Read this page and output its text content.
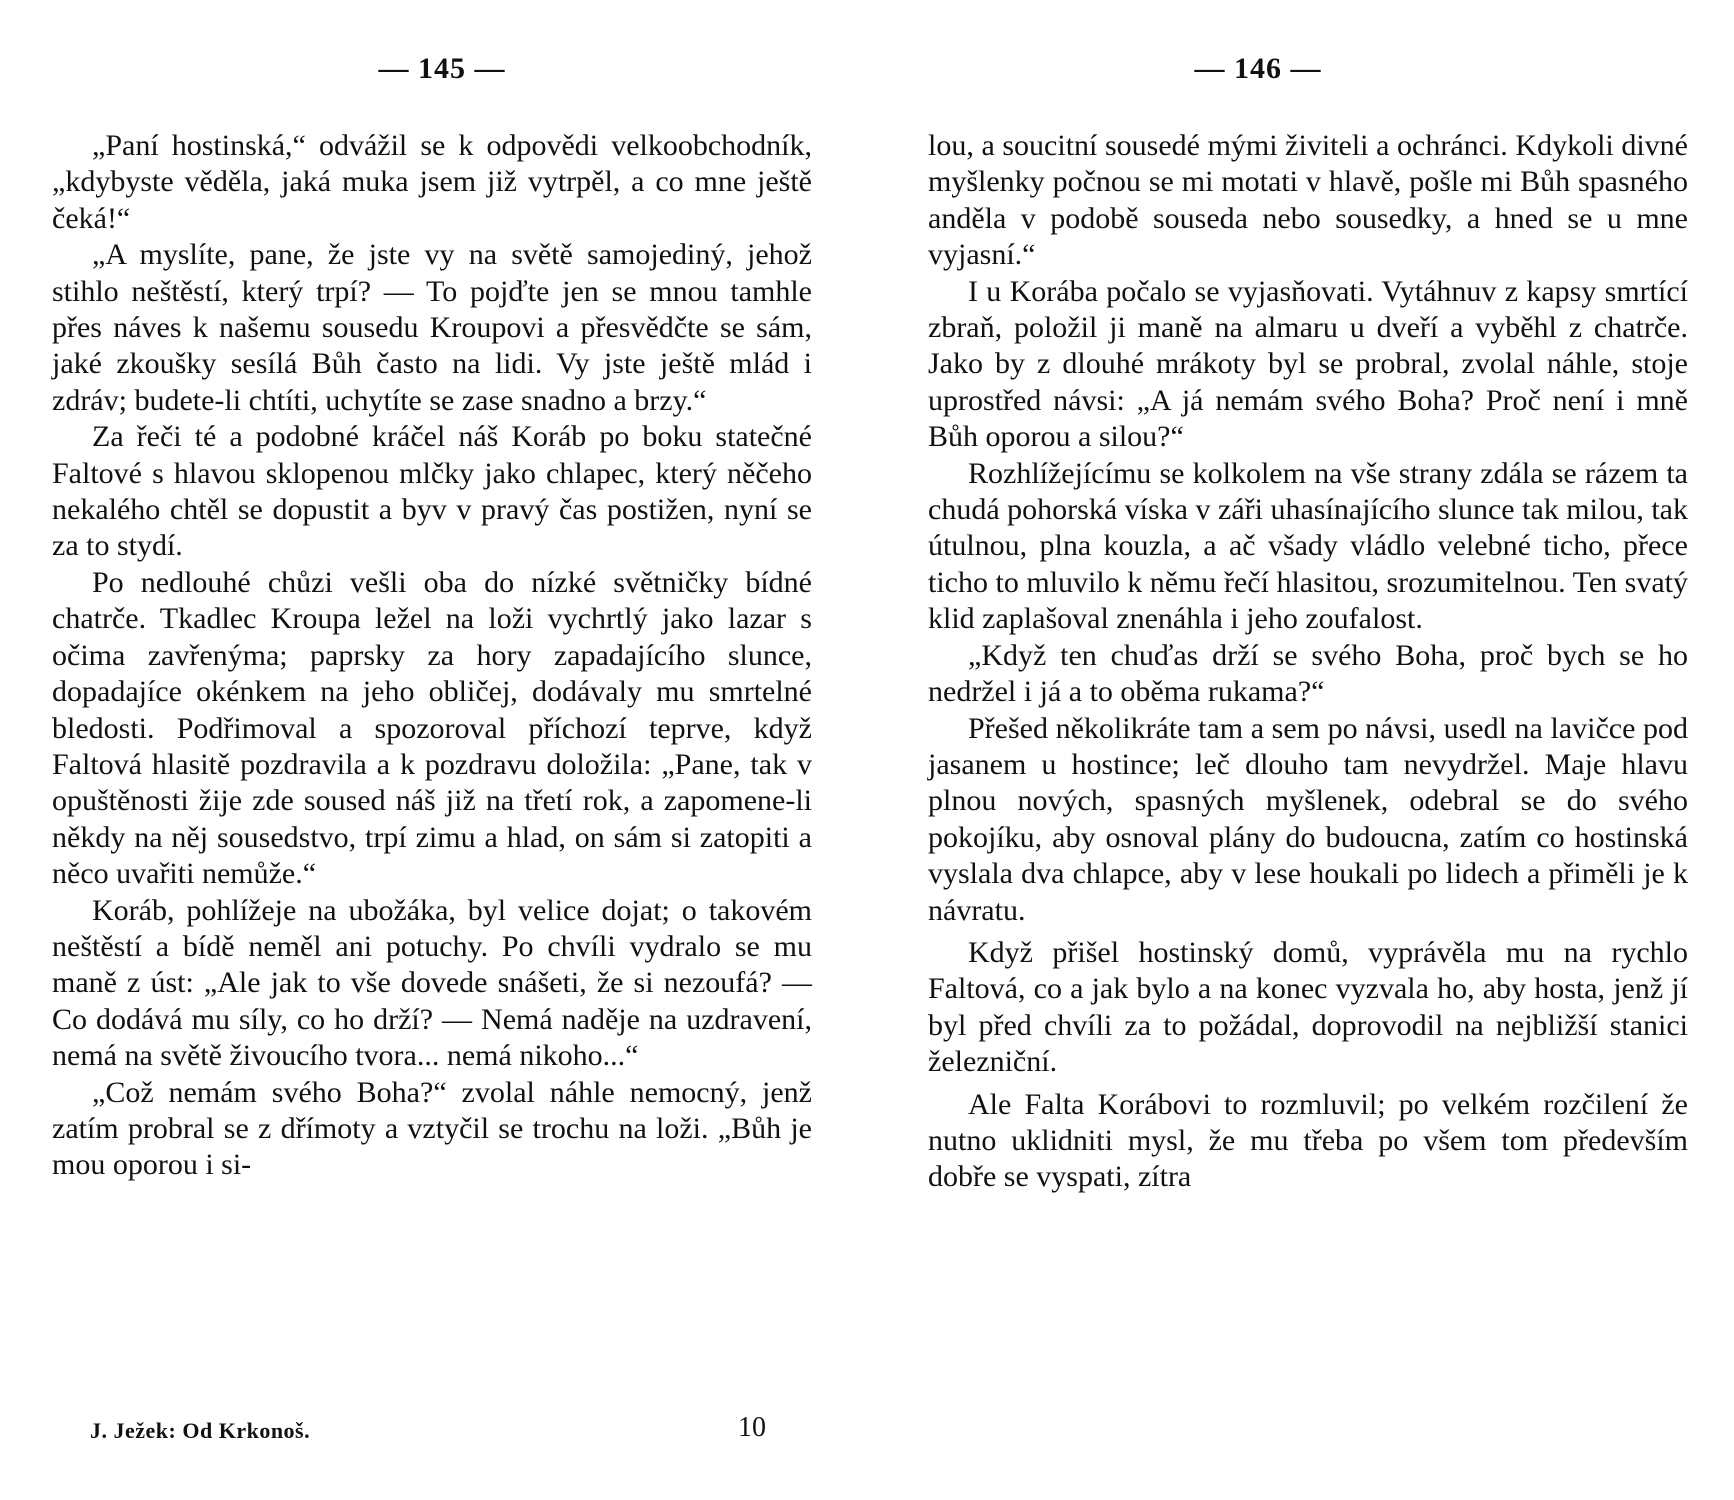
— 145 —

„Paní hostinská,“ odvážil se k odpovědi velkoobchodník, „kdybyste věděla, jaká muka jsem již vytrpěl, a co mne ještě čeká!“

„A myslíte, pane, že jste vy na světě samojediný, jehož stihlo neštěstí, který trpí? — To pojďte jen se mnou tamhle přes náves k našemu sousedu Kroupovi a přesvědčte se sám, jaké zkoušky sesílá Bůh často na lidi. Vy jste ještě mlád i zdráv; budete-li chtíti, uchytíte se zase snadno a brzy.“

Za řeči té a podobné kráčel náš Koráb po boku statečné Faltové s hlavou sklopenou mlčky jako chlapec, který něčeho nekalého chtěl se dopustit a byv v pravý čas postižen, nyní se za to stydí.

Po nedlouhé chůzi vešli oba do nízké světničky bídné chatrče. Tkadlec Kroupa ležel na loži vychrtlý jako lazar s očima zavřenýma; paprsky za hory zapadajícího slunce, dopadajíce okénkem na jeho obličej, dodávaly mu smrtelné bledosti. Podřimoval a spozoroval příchozí teprve, když Faltová hlasitě pozdravila a k pozdravu doložila: „Pane, tak v opuštěnosti žije zde soused náš již na třetí rok, a zapomene-li někdy na něj sousedstvo, trpí zimu a hlad, on sám si zatopiti a něco uvařiti nemůže.“

Koráb, pohlížeje na ubožáka, byl velice dojat; o takovém neštěstí a bídě neměl ani potuchy. Po chvíli vydralo se mu maně z úst: „Ale jak to vše dovede snášeti, že si nezoufá? — Co dodává mu síly, co ho drží? — Nemá naděje na uzdravení, nemá na světě živoucího tvora... nemá nikoho...“

„Což nemám svého Boha?“ zvolal náhle nemocný, jenž zatím probral se z dřímoty a vztyčil se trochu na loži. „Bůh je mou oporou i si-

J. Ježek: Od Krkonoš.	10
— 146 —

lou, a soucitní sousedé mými živiteli a ochránci. Kdykoli divné myšlenky počnou se mi motati v hlavě, pošle mi Bůh spasného anděla v podobě souseda nebo sousedky, a hned se u mne vyjasní.“

I u Korába počalo se vyjasňovati. Vytáhnuv z kapsy smrtící zbraň, položil ji maně na almaru u dveří a vyběhl z chatrče. Jako by z dlouhé mrákoty byl se probral, zvolal náhle, stoje uprostřed návsi: „A já nemám svého Boha? Proč není i mně Bůh oporou a silou?“

Rozhlížejícímu se kolkolem na vše strany zdála se rázem ta chudá pohorská víska v záři uhasínajícího slunce tak milou, tak útulnou, plna kouzla, a ač všady vládlo velebné ticho, přece ticho to mluvilo k němu řečí hlasitou, srozumitelnou. Ten svatý klid zaplašoval znenáhla i jeho zoufalost.

„Když ten chuďas drží se svého Boha, proč bych se ho nedržel i já a to oběma rukama?“

Přešed několikráte tam a sem po návsi, usedl na lavičce pod jasanem u hostince; leč dlouho tam nevydržel. Maje hlavu plnou nových, spasných myšlenek, odebral se do svého pokojíku, aby osnoval plány do budoucna, zatím co hostinská vyslala dva chlapce, aby v lese houkali po lidech a přiměli je k návratu.

Když přišel hostinský domů, vyprávěla mu na rychlo Faltová, co a jak bylo a na konec vyzvala ho, aby hosta, jenž jí byl před chvíli za to požádal, doprovodil na nejbližší stanici železniční.

Ale Falta Korábovi to rozmluvil; po velkém rozčilení že nutno uklidniti mysl, že mu třeba po všem tom především dobře se vyspati, zítra
